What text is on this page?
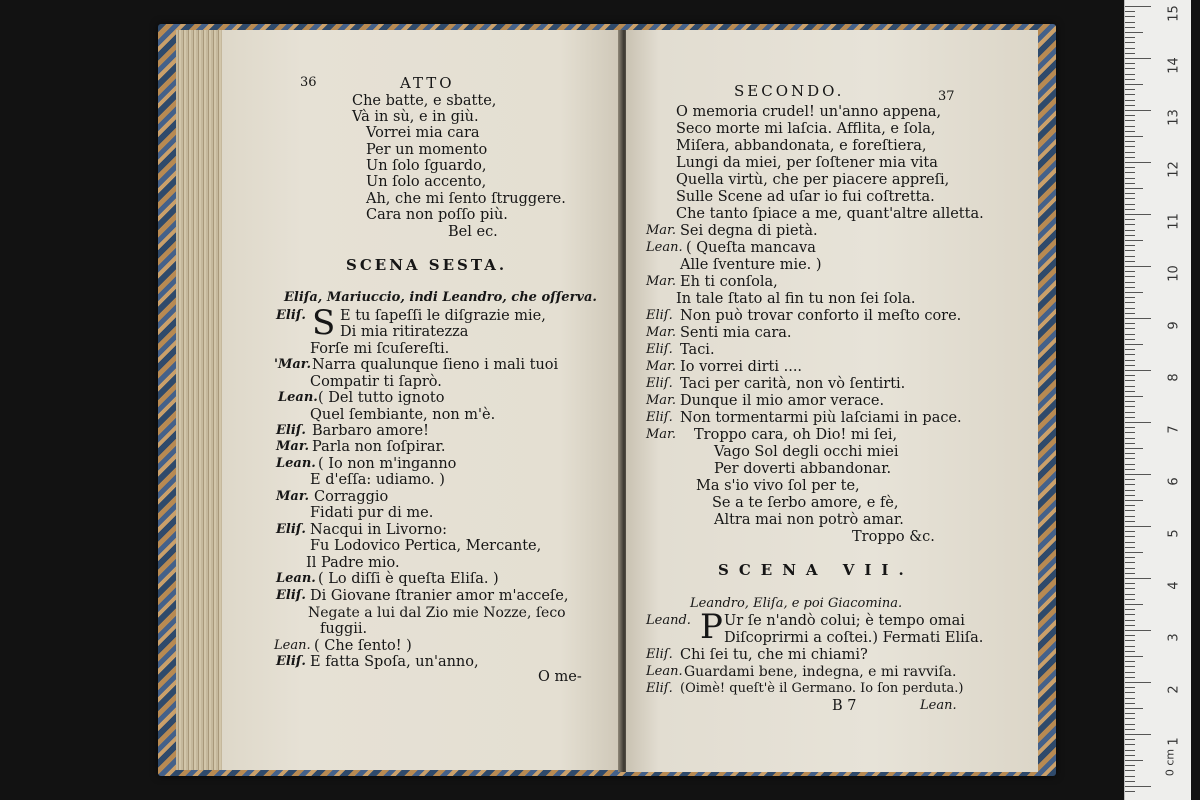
36	ATTO
Che batte, e sbatte,
Và in sù, e in giù.
Vorrei mia cara
Per un momento
Un ſolo ſguardo,
Un ſolo accento,
Ah, che mi ſento ſtruggere.
Cara non poſſo più.
Bel ec.
SCENA SESTA.
Eliſa, Mariuccio, indi Leandro, che oſſerva.
Eliſ. S E tu ſapeſſi le diſgrazie mie,
Di mia ritiratezza
Forſe mi ſcuſereſti.
'Mar. Narra qualunque ſieno i mali tuoi
Compatir ti ſaprò.
Lean. ( Del tutto ignoto
Quel ſembiante, non m'è.
Eliſ. Barbaro amore!
Mar. Parla non ſoſpirar.
Lean. ( Io non m'inganno
E d'eſſa: udiamo. )
Mar. Corraggio
Fidati pur di me.
Eliſ. Nacqui in Livorno:
Fu Lodovico Pertica, Mercante,
Il Padre mio.
Lean. ( Lo diſſi è queſta Eliſa. )
Eliſ. Di Giovane ſtranier amor m'acceſe,
Negate a lui dal Zio mie Nozze, ſeco
fuggii.
Lean. ( Che ſento! )
Eliſ. E fatta Spoſa, un'anno,
O me-
SECONDO.	37
O memoria crudel! un'anno appena,
Seco morte mi laſcia. Afflita, e ſola,
Miſera, abbandonata, e foreſtiera,
Lungi da miei, per ſoſtener mia vita
Quella virtù, che per piacere appreſi,
Sulle Scene ad uſar io fui coſtretta.
Che tanto ſpiace a me, quant'altre alletta.
Mar. Sei degna di pietà.
Lean. ( Queſta mancava
Alle ſventure mie. )
Mar. Eh ti conſola,
In tale ſtato al fin tu non ſei ſola.
Eliſ. Non può trovar conforto il meſto core.
Mar. Senti mia cara.
Eliſ. Taci.
Mar. Io vorrei dirti ....
Eliſ. Taci per carità, non vò ſentirti.
Mar. Dunque il mio amor verace.
Eliſ. Non tormentarmi più laſciami in pace.
Mar. Troppo cara, oh Dio! mi ſei,
Vago Sol degli occhi miei
Per doverti abbandonar.
Ma s'io vivo ſol per te,
Se a te ſerbo amore, e fè,
Altra mai non potrò amar.
Troppo &c.
SCENA VII.
Leandro, Eliſa, e poi Giacomina.
Leand. P Ur ſe n'andò colui; è tempo omai
Diſcoprirmi a coſtei.) Fermati Eliſa.
Eliſ. Chi ſei tu, che mi chiami?
Lean. Guardami bene, indegna, e mi ravviſa.
Eliſ. (Oimè! queſt'è il Germano. Io ſon perduta.)
B 7	Lean.
15
14
13
12
11
10
9
8
7
6
5
4
3
2
1
0 cm
